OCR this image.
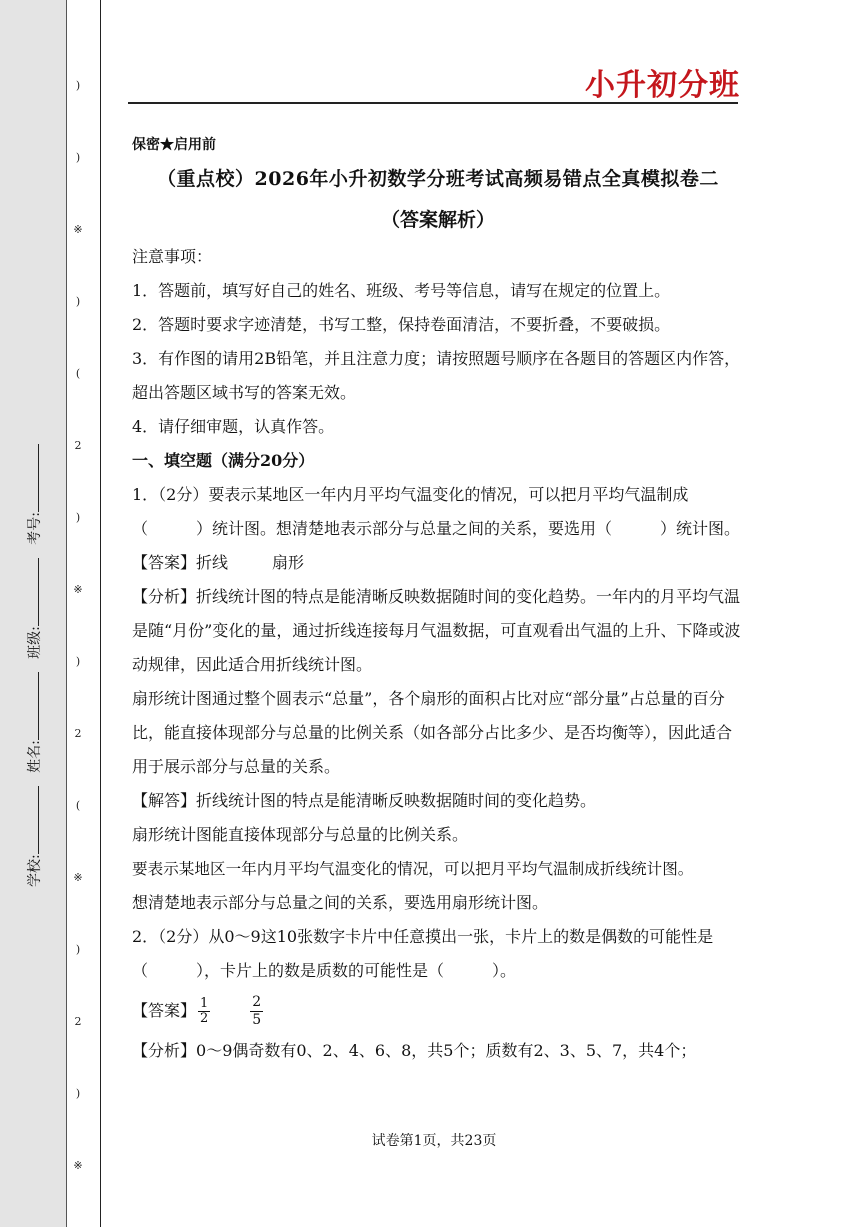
)
)
※
)
(
2
)
※
)
2
(
※
)
2
)
※
学校:   姓名:   班级:   考号:
小升初分班
保密★启用前
（重点校）2026年小升初数学分班考试高频易错点全真模拟卷二
（答案解析）

注意事项：

1．答题前，填写好自己的姓名、班级、考号等信息，请写在规定的位置上。

2．答题时要求字迹清楚，书写工整，保持卷面清洁，不要折叠，不要破损。

3．有作图的请用2B铅笔，并且注意力度；请按照题号顺序在各题目的答题区内作答，超出答题区域书写的答案无效。

4．请仔细审题，认真作答。

一、填空题（满分20分）

1．（2分）要表示某地区一年内月平均气温变化的情况，可以把月平均气温制成（　　　）统计图。想清楚地表示部分与总量之间的关系，要选用（　　　）统计图。

【答案】折线	扇形

【分析】折线统计图的特点是能清晰反映数据随时间的变化趋势。一年内的月平均气温是随“月份”变化的量，通过折线连接每月气温数据，可直观看出气温的上升、下降或波动规律，因此适合用折线统计图。

扇形统计图通过整个圆表示“总量”，各个扇形的面积占比对应“部分量”占总量的百分比，能直接体现部分与总量的比例关系（如各部分占比多少、是否均衡等），因此适合用于展示部分与总量的关系。

【解答】折线统计图的特点是能清晰反映数据随时间的变化趋势。

扇形统计图能直接体现部分与总量的比例关系。

要表示某地区一年内月平均气温变化的情况，可以把月平均气温制成折线统计图。

想清楚地表示部分与总量之间的关系，要选用扇形统计图。

2．（2分）从0～9这10张数字卡片中任意摸出一张，卡片上的数是偶数的可能性是（　　　），卡片上的数是质数的可能性是（　　　）。

【答案】 $\frac{1}{2}$	$\frac{2}{5}$

【分析】0～9偶奇数有0、2、4、6、8，共5个；质数有2、3、5、7，共4个；

试卷第1页，共23页
